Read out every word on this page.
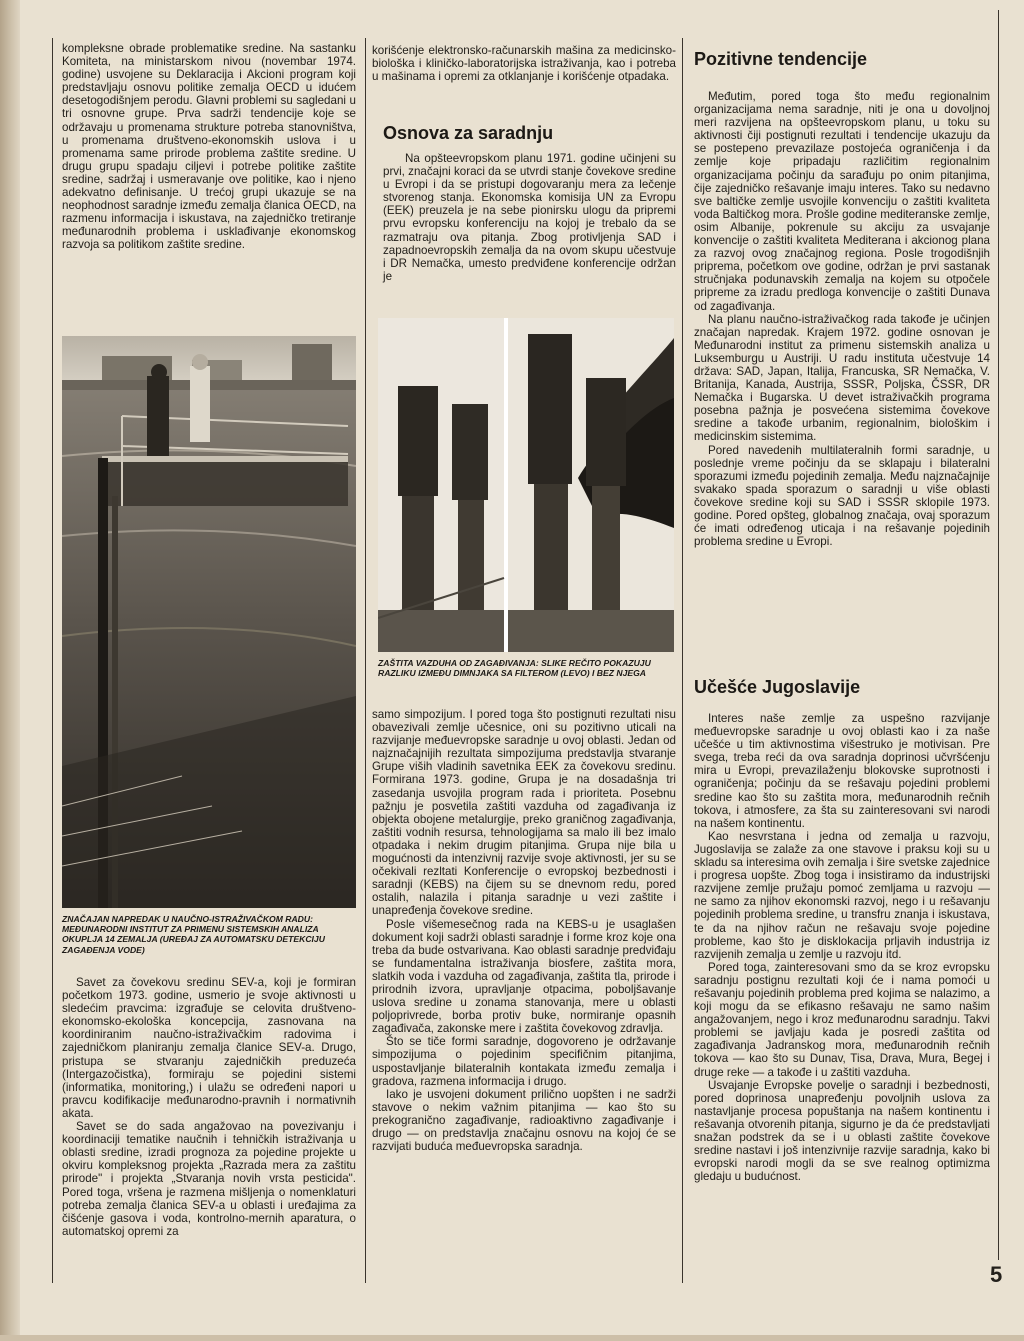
kompleksne obrade problematike sredine. Na sastanku Komiteta, na ministarskom nivou (novembar 1974. godine) usvojene su Deklaracija i Akcioni program koji predstavljaju osnovu politike zemalja OECD u idućem desetogodišnjem perodu. Glavni problemi su sagledani u tri osnovne grupe. Prva sadrži tendencije koje se održavaju u promenama strukture potreba stanovništva, u promenama društveno-ekonomskih uslova i u promenama same prirode problema zaštite sredine. U drugu grupu spadaju ciljevi i potrebe politike zaštite sredine, sadržaj i usmeravanje ove politike, kao i njeno adekvatno definisanje. U trećoj grupi ukazuje se na neophodnost saradnje između zemalja članica OECD, na razmenu informacija i iskustava, na zajedničko tretiranje međunarodnih problema i usklađivanje ekonomskog razvoja sa politikom zaštite sredine.

ZNAČAJAN NAPREDAK U NAUČNO-ISTRAŽIVAČKOM RADU: MEĐUNARODNI INSTITUT ZA PRIMENU SISTEMSKIH ANALIZA OKUPLJA 14 ZEMALJA (UREĐAJ ZA AUTOMATSKU DETEKCIJU ZAGAĐENJA VODE)

Savet za čovekovu sredinu SEV-a, koji je formiran početkom 1973. godine, usmerio je svoje aktivnosti u sledećim pravcima: izgrađuje se celovita društveno-ekonomsko-ekološka koncepcija, zasnovana na koordiniranim naučno-istraživačkim radovima i zajedničkom planiranju zemalja članice SEV-a. Drugo, pristupa se stvaranju zajedničkih preduzeća (Intergazočistka), formiraju se pojedini sistemi (informatika, monitoring,) i ulažu se određeni napori u pravcu kodifikacije međunarodno-pravnih i normativnih akata.

Savet se do sada angažovao na povezivanju i koordinaciji tematike naučnih i tehničkih istraživanja u oblasti sredine, izradi prognoza za pojedine projekte u okviru kompleksnog projekta „Razrada mera za zaštitu prirode" i projekta „Stvaranja novih vrsta pesticida". Pored toga, vršena je razmena mišljenja o nomenklaturi potreba zemalja članica SEV-a u oblasti i uređajima za čišćenje gasova i voda, kontrolno-mernih aparatura, o automatskoj opremi za

korišćenje elektronsko-računarskih mašina za medicinsko-biološka i kliničko-laboratorijska istraživanja, kao i potreba u mašinama i opremi za otklanjanje i korišćenje otpadaka.

Osnova za saradnju

Na opšteevropskom planu 1971. godine učinjeni su prvi, značajni koraci da se utvrdi stanje čovekove sredine u Evropi i da se pristupi dogovaranju mera za lečenje stvorenog stanja. Ekonomska komisija UN za Evropu (EEK) preuzela je na sebe pionirsku ulogu da pripremi prvu evropsku konferenciju na kojoj je trebalo da se razmatraju ova pitanja. Zbog protivljenja SAD i zapadnoevropskih zemalja da na ovom skupu učestvuje i DR Nemačka, umesto predviđene konferencije održan je

ZAŠTITA VAZDUHA OD ZAGAĐIVANJA: SLIKE REČITO POKAZUJU RAZLIKU IZMEĐU DIMNJAKA SA FILTEROM (LEVO) I BEZ NJEGA

samo simpozijum. I pored toga što postignuti rezultati nisu obavezivali zemlje učesnice, oni su pozitivno uticali na razvijanje međuevropske saradnje u ovoj oblasti. Jedan od najznačajnijih rezultata simpozijuma predstavlja stvaranje Grupe viših vladinih savetnika EEK za čovekovu sredinu. Formirana 1973. godine, Grupa je na dosadašnja tri zasedanja usvojila program rada i prioriteta. Posebnu pažnju je posvetila zaštiti vazduha od zagađivanja iz objekta obojene metalurgije, preko graničnog zagađivanja, zaštiti vodnih resursa, tehnologijama sa malo ili bez imalo otpadaka i nekim drugim pitanjima. Grupa nije bila u mogućnosti da intenzivnij razvije svoje aktivnosti, jer su se očekivali rezltati Konferencije o evropskoj bezbednosti i saradnji (KEBS) na čijem su se dnevnom redu, pored ostalih, nalazila i pitanja saradnje u vezi zaštite i unapređenja čovekove sredine.

Posle višemesečnog rada na KEBS-u je usaglašen dokument koji sadrži oblasti saradnje i forme kroz koje ona treba da bude ostvarivana. Kao oblasti saradnje predviđaju se fundamentalna istraživanja biosfere, zaštita mora, slatkih voda i vazduha od zagađivanja, zaštita tla, prirode i prirodnih izvora, upravljanje otpacima, poboljšavanje uslova sredine u zonama stanovanja, mere u oblasti poljoprivrede, borba protiv buke, normiranje opasnih zagađivača, zakonske mere i zaštita čovekovog zdravlja.

Što se tiče formi saradnje, dogovoreno je održavanje simpozijuma o pojedinim specifičnim pitanjima, uspostavljanje bilateralnih kontakata između zemalja i gradova, razmena informacija i drugo.

Iako je usvojeni dokument prilično uopšten i ne sadrži stavove o nekim važnim pitanjima — kao što su prekogranično zagađivanje, radioaktivno zagađivanje i drugo — on predstavlja značajnu osnovu na kojoj će se razvijati buduća međuevropska saradnja.

Pozitivne tendencije

Međutim, pored toga što među regionalnim organizacijama nema saradnje, niti je ona u dovoljnoj meri razvijena na opšteevropskom planu, u toku su aktivnosti čiji postignuti rezultati i tendencije ukazuju da se postepeno prevazilaze postojeća ograničenja i da zemlje koje pripadaju različitim regionalnim organizacijama počinju da sarađuju po onim pitanjima, čije zajedničko rešavanje imaju interes. Tako su nedavno sve baltičke zemlje usvojile konvenciju o zaštiti kvaliteta voda Baltičkog mora. Prošle godine mediteranske zemlje, osim Albanije, pokrenule su akciju za usvajanje konvencije o zaštiti kvaliteta Mediterana i akcionog plana za razvoj ovog značajnog regiona. Posle trogodišnjih priprema, početkom ove godine, održan je prvi sastanak stručnjaka podunavskih zemalja na kojem su otpočele pripreme za izradu predloga konvencije o zaštiti Dunava od zagađivanja.

Na planu naučno-istraživačkog rada takođe je učinjen značajan napredak. Krajem 1972. godine osnovan je Međunarodni institut za primenu sistemskih analiza u Luksemburgu u Austriji. U radu instituta učestvuje 14 država: SAD, Japan, Italija, Francuska, SR Nemačka, V. Britanija, Kanada, Austrija, SSSR, Poljska, ČSSR, DR Nemačka i Bugarska. U devet istraživačkih programa posebna pažnja je posvećena sistemima čovekove sredine a takođe urbanim, regionalnim, biološkim i medicinskim sistemima.

Pored navedenih multilateralnih formi saradnje, u poslednje vreme počinju da se sklapaju i bilateralni sporazumi između pojedinih zemalja. Među najznačajnije svakako spada sporazum o saradnji u više oblasti čovekove sredine koji su SAD i SSSR sklopile 1973. godine. Pored opšteg, globalnog značaja, ovaj sporazum će imati određenog uticaja i na rešavanje pojedinih problema sredine u Evropi.

Učešće Jugoslavije

Interes naše zemlje za uspešno razvijanje međuevropske saradnje u ovoj oblasti kao i za naše učešće u tim aktivnostima višestruko je motivisan. Pre svega, treba reći da ova saradnja doprinosi učvršćenju mira u Evropi, prevazilaženju blokovske suprotnosti i ograničenja; počinju da se rešavaju pojedini problemi sredine kao što su zaštita mora, međunarodnih rečnih tokova, i atmosfere, za šta su zainteresovani svi narodi na našem kontinentu.

Kao nesvrstana i jedna od zemalja u razvoju, Jugoslavija se zalaže za one stavove i praksu koji su u skladu sa interesima ovih zemalja i šire svetske zajednice i progresa uopšte. Zbog toga i insistiramo da industrijski razvijene zemlje pružaju pomoć zemljama u razvoju — ne samo za njihov ekonomski razvoj, nego i u rešavanju pojedinih problema sredine, u transfru znanja i iskustava, te da na njihov račun ne rešavaju svoje pojedine probleme, kao što je disklokacija prljavih industrija iz razvijenih zemalja u zemlje u razvoju itd.

Pored toga, zainteresovani smo da se kroz evropsku saradnju postignu rezultati koji će i nama pomoći u rešavanju pojedinih problema pred kojima se nalazimo, a koji mogu da se efikasno rešavaju ne samo našim angažovanjem, nego i kroz međunarodnu saradnju. Takvi problemi se javljaju kada je posredi zaštita od zagađivanja Jadranskog mora, međunarodnih rečnih tokova — kao što su Dunav, Tisa, Drava, Mura, Begej i druge reke — a takođe i u zaštiti vazduha.

Usvajanje Evropske povelje o saradnji i bezbednosti, pored doprinosa unapređenju povoljnih uslova za nastavljanje procesa popuštanja na našem kontinentu i rešavanja otvorenih pitanja, sigurno je da će predstavljati snažan podstrek da se i u oblasti zaštite čovekove sredine nastavi i još intenzivnije razvije saradnja, kako bi evropski narodi mogli da se sve realnog optimizma gledaju u budućnost.

5
